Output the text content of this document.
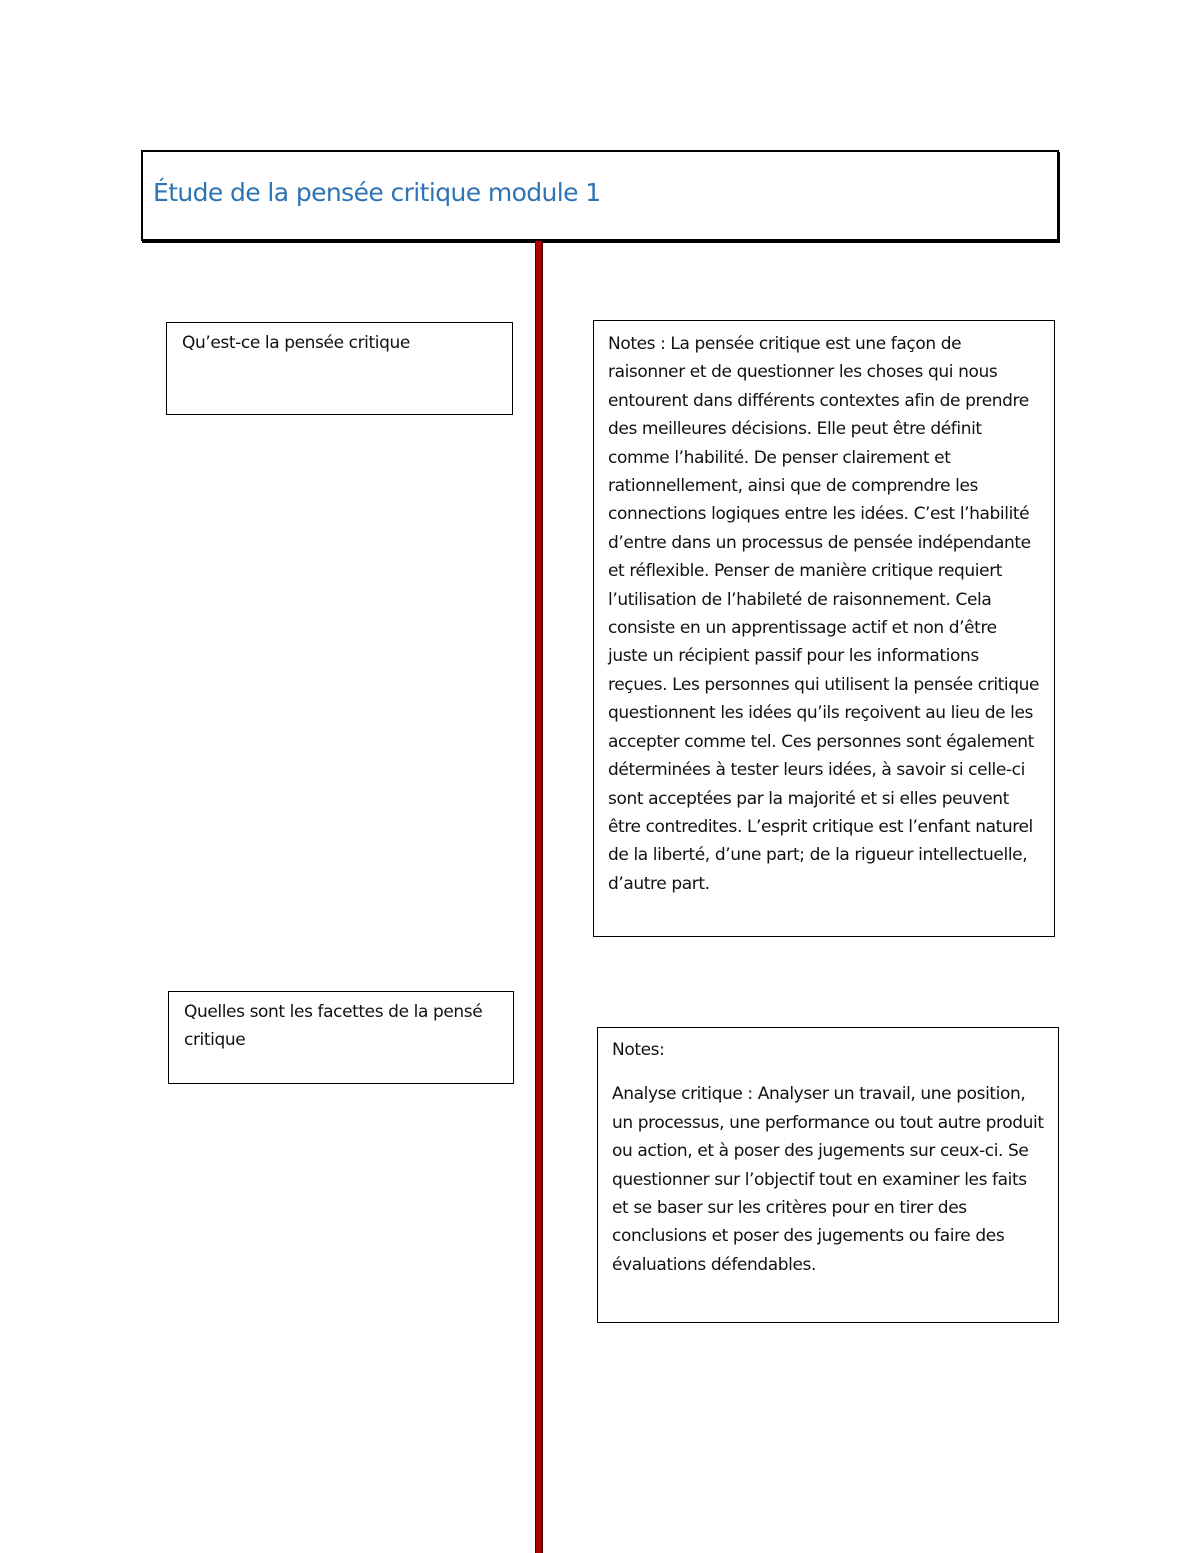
Étude de la pensée critique module 1

Qu’est-ce la pensée critique	Notes : La pensée critique est une façon de raisonner et de questionner les choses qui nous entourent dans différents contextes afin de prendre des meilleures décisions. Elle peut être définit comme l’habilité. De penser clairement et rationnellement, ainsi que de comprendre les connections logiques entre les idées. C’est l’habilité d’entre dans un processus de pensée indépendante et réflexible. Penser de manière critique requiert l’utilisation de l’habileté de raisonnement. Cela consiste en un apprentissage actif et non d’être juste un récipient passif pour les informations reçues. Les personnes qui utilisent la pensée critique questionnent les idées qu’ils reçoivent au lieu de les accepter comme tel. Ces personnes sont également déterminées à tester leurs idées, à savoir si celle-ci sont acceptées par la majorité et si elles peuvent être contredites. L’esprit critique est l’enfant naturel de la liberté, d’une part; de la rigueur intellectuelle, d’autre part.

Quelles sont les facettes de la pensé critique	Notes:

Analyse critique : Analyser un travail, une position, un processus, une performance ou tout autre produit ou action, et à poser des jugements sur ceux-ci. Se questionner sur l’objectif tout en examiner les faits et se baser sur les critères pour en tirer des conclusions et poser des jugements ou faire des évaluations défendables.
